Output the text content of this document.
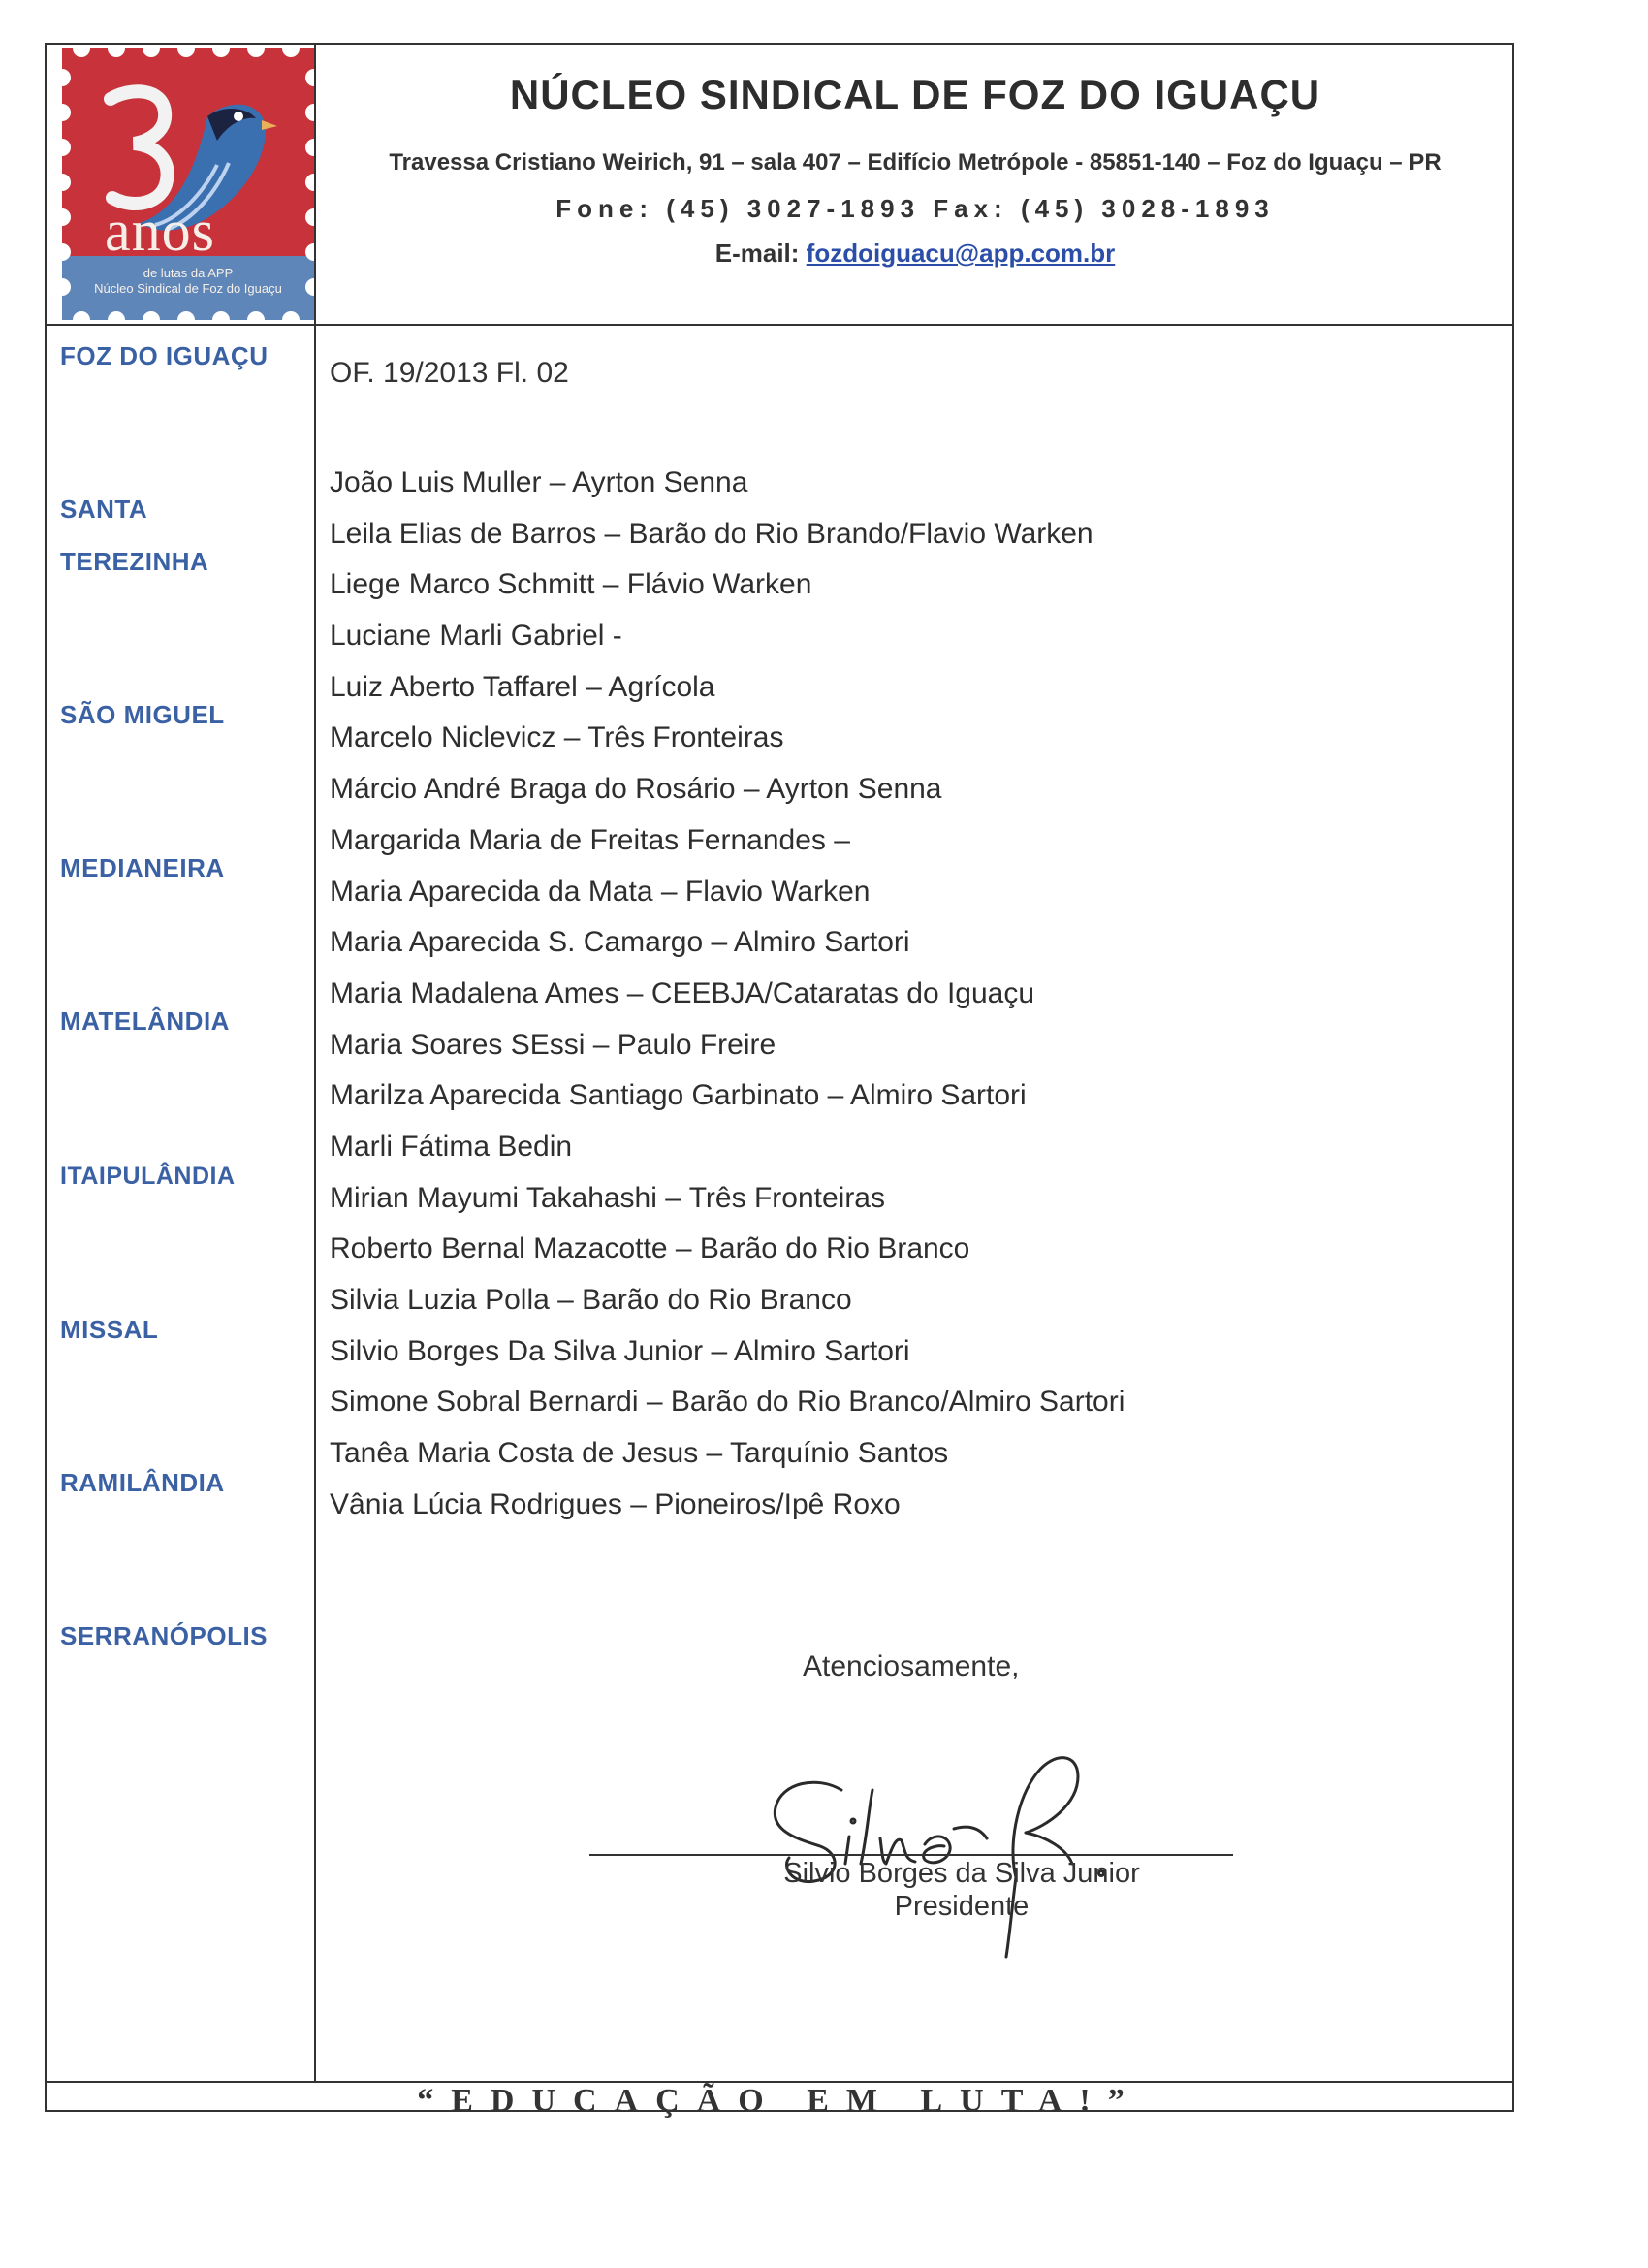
anos
de lutas da APP
Núcleo Sindical de Foz do Iguaçu
NÚCLEO SINDICAL DE FOZ DO IGUAÇU
Travessa Cristiano Weirich, 91 – sala 407 – Edifício Metrópole - 85851-140 – Foz do Iguaçu – PR
Fone: (45) 3027-1893 Fax: (45) 3028-1893
E-mail: fozdoiguacu@app.com.br
FOZ DO IGUAÇU
SANTA
TEREZINHA
SÃO MIGUEL
MEDIANEIRA
MATELÂNDIA
ITAIPULÂNDIA
MISSAL
RAMILÂNDIA
SERRANÓPOLIS
OF. 19/2013 Fl. 02
João Luis Muller – Ayrton Senna
Leila Elias de Barros – Barão do Rio Brando/Flavio Warken
Liege Marco Schmitt – Flávio Warken
Luciane Marli Gabriel -
Luiz Aberto Taffarel – Agrícola
Marcelo Niclevicz – Três Fronteiras
Márcio André Braga do Rosário – Ayrton Senna
Margarida Maria de Freitas Fernandes –
Maria Aparecida da Mata – Flavio Warken
Maria Aparecida S. Camargo – Almiro Sartori
Maria Madalena Ames – CEEBJA/Cataratas do Iguaçu
Maria Soares SEssi – Paulo Freire
Marilza Aparecida Santiago Garbinato – Almiro Sartori
Marli Fátima Bedin
Mirian Mayumi Takahashi – Três Fronteiras
Roberto Bernal Mazacotte – Barão do Rio Branco
Silvia Luzia Polla – Barão do Rio Branco
Silvio Borges Da Silva Junior – Almiro Sartori
Simone Sobral Bernardi – Barão do Rio Branco/Almiro Sartori
Tanêa Maria Costa de Jesus – Tarquínio Santos
Vânia Lúcia Rodrigues – Pioneiros/Ipê Roxo
Atenciosamente,
Silvio Borges da Silva Junior
Presidente
“EDUCAÇÃO EM LUTA!”
